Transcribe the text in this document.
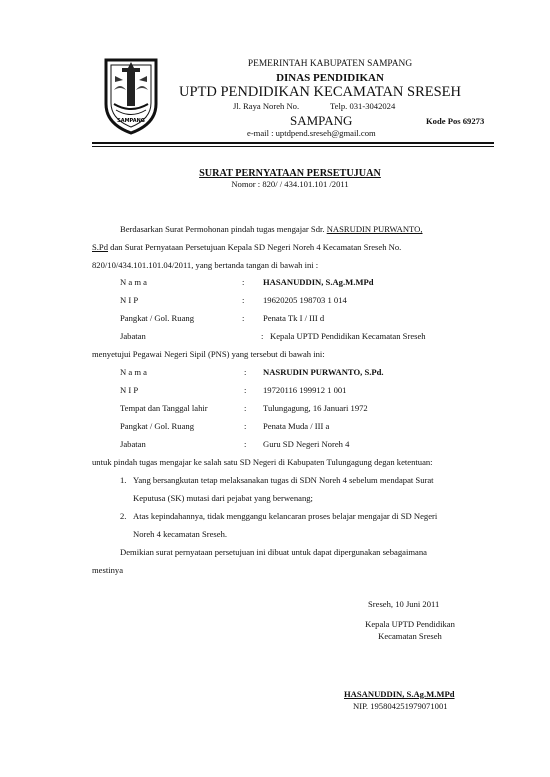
SAMPANG
PEMERINTAH KABUPATEN SAMPANG
DINAS PENDIDIKAN
UPTD PENDIDIKAN KECAMATAN SRESEH
Jl. Raya Noreh No.	Telp. 031-3042024
SAMPANG	Kode Pos 69273
e-mail : uptdpend.sreseh@gmail.com
SURAT PERNYATAAN PERSETUJUAN
Nomor : 820/ / 434.101.101 /2011
Berdasarkan Surat Permohonan pindah tugas mengajar Sdr. NASRUDIN PURWANTO,
S.Pd dan Surat Pernyataan Persetujuan Kepala SD Negeri Noreh 4 Kecamatan Sreseh No.
820/10/434.101.101.04/2011, yang bertanda tangan di bawah ini :
N a m a	: HASANUDDIN, S.Ag.M.MPd
N I P	: 19620205 198703 1 014
Pangkat / Gol. Ruang	: Penata Tk I / III d
Jabatan	: Kepala UPTD Pendidikan Kecamatan Sreseh
menyetujui Pegawai Negeri Sipil (PNS) yang tersebut di bawah ini:
N a m a	: NASRUDIN PURWANTO, S.Pd.
N I P	: 19720116 199912 1 001
Tempat dan Tanggal lahir	: Tulungagung, 16 Januari 1972
Pangkat / Gol. Ruang	: Penata Muda / III a
Jabatan	: Guru SD Negeri Noreh 4
untuk pindah tugas mengajar ke salah satu SD Negeri di Kabupaten Tulungagung degan ketentuan:
1. Yang bersangkutan tetap melaksanakan tugas di SDN Noreh 4 sebelum mendapat Surat
Keputusa (SK) mutasi dari pejabat yang berwenang;
2. Atas kepindahannya, tidak menggangu kelancaran proses belajar mengajar di SD Negeri
Noreh 4 kecamatan Sreseh.
Demikian surat pernyataan persetujuan ini dibuat untuk dapat dipergunakan sebagaimana
mestinya
Sreseh, 10 Juni 2011
Kepala UPTD Pendidikan
Kecamatan Sreseh
HASANUDDIN, S.Ag.M.MPd
NIP. 195804251979071001
